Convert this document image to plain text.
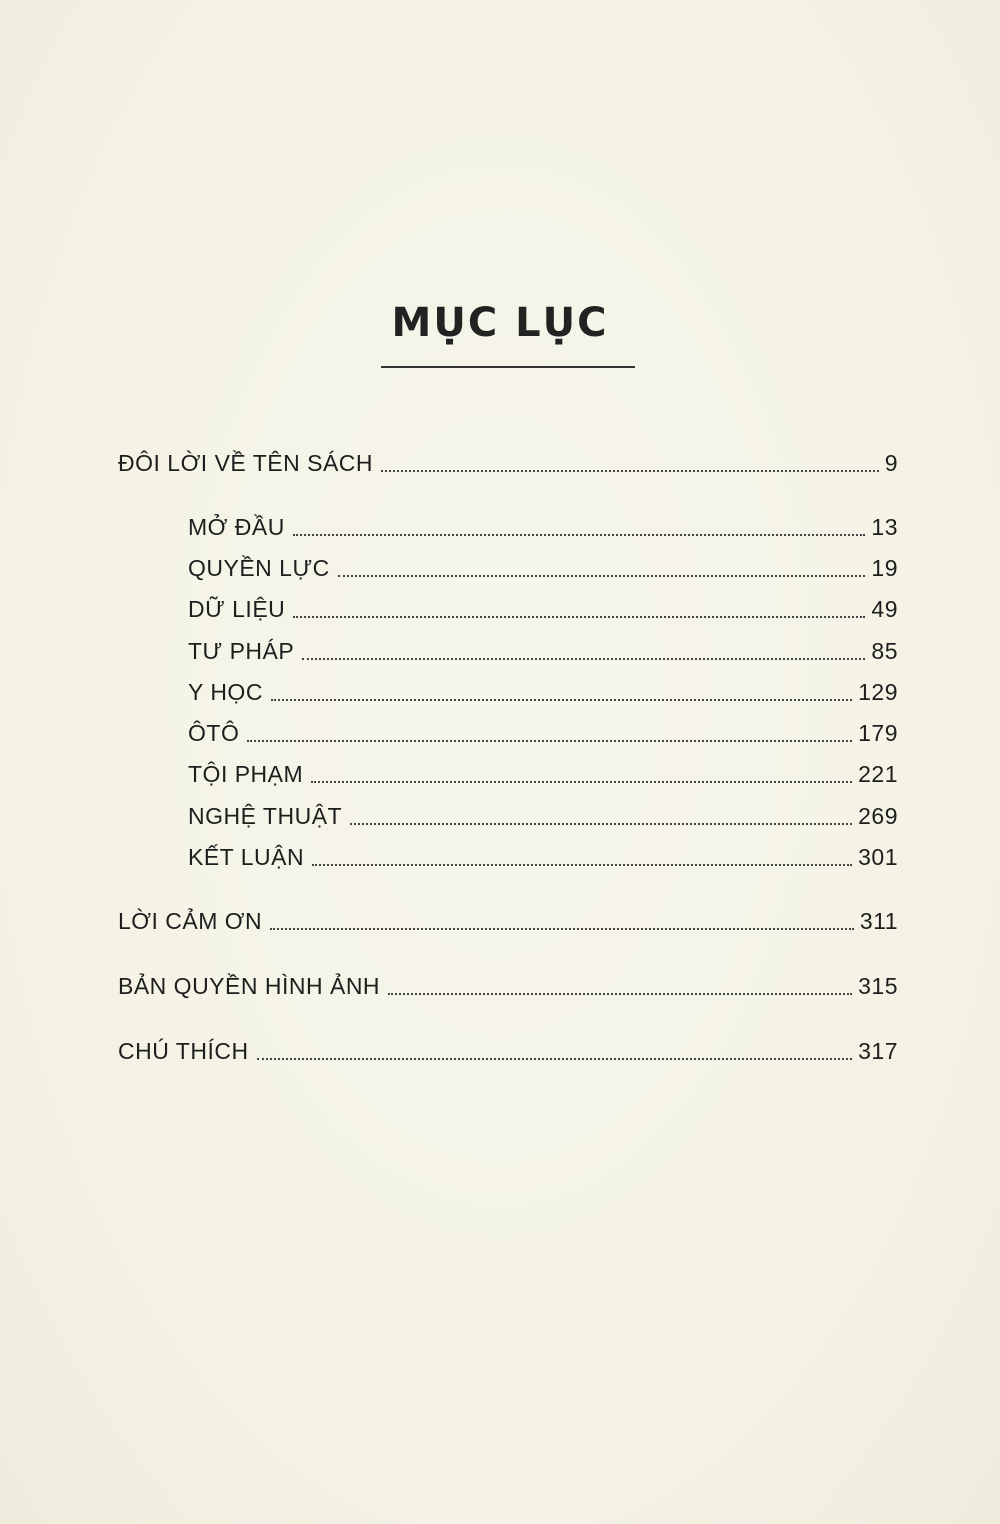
MỤC LỤC
ĐÔI LỜI VỀ TÊN SÁCH	9
MỞ ĐẦU	13
QUYỀN LỰC	19
DỮ LIỆU	49
TƯ PHÁP	85
Y HỌC	129
ÔTÔ	179
TỘI PHẠM	221
NGHỆ THUẬT	269
KẾT LUẬN	301
LỜI CẢM ƠN	311
BẢN QUYỀN HÌNH ẢNH	315
CHÚ THÍCH	317
